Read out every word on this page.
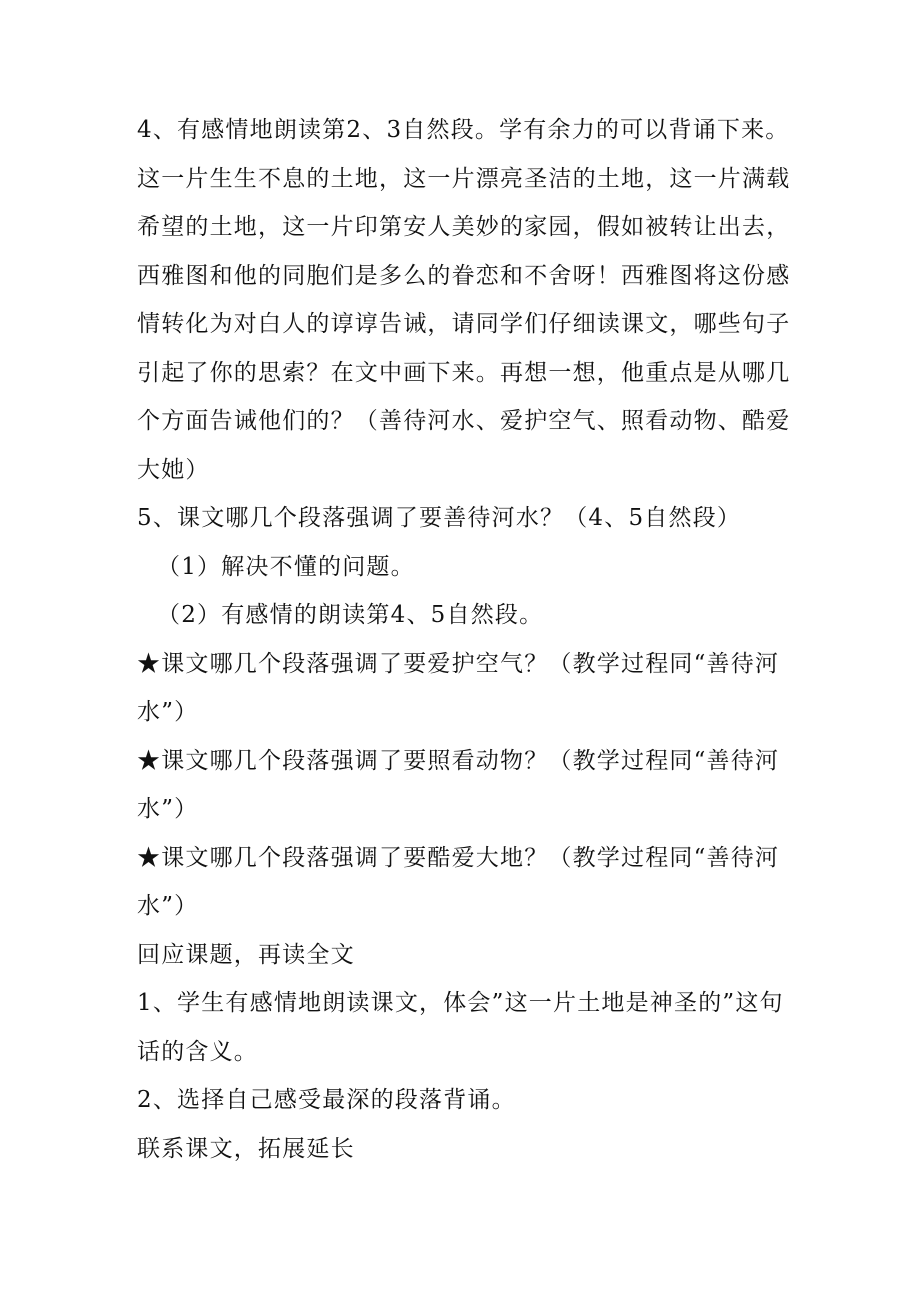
4、有感情地朗读第2、3自然段。学有余力的可以背诵下来。
这一片生生不息的土地，这一片漂亮圣洁的土地，这一片满载
希望的土地，这一片印第安人美妙的家园，假如被转让出去，
西雅图和他的同胞们是多么的眷恋和不舍呀！西雅图将这份感
情转化为对白人的谆谆告诫，请同学们仔细读课文，哪些句子
引起了你的思索？在文中画下来。再想一想，他重点是从哪几
个方面告诫他们的？（善待河水、爱护空气、照看动物、酷爱
大她）
5、课文哪几个段落强调了要善待河水？（4、5自然段）
（1）解决不懂的问题。
（2）有感情的朗读第4、5自然段。
★课文哪几个段落强调了要爱护空气？（教学过程同“善待河
水”）
★课文哪几个段落强调了要照看动物？（教学过程同“善待河
水”）
★课文哪几个段落强调了要酷爱大地？（教学过程同“善待河
水”）
回应课题，再读全文
1、学生有感情地朗读课文，体会”这一片土地是神圣的”这句
话的含义。
2、选择自己感受最深的段落背诵。
联系课文，拓展延长
